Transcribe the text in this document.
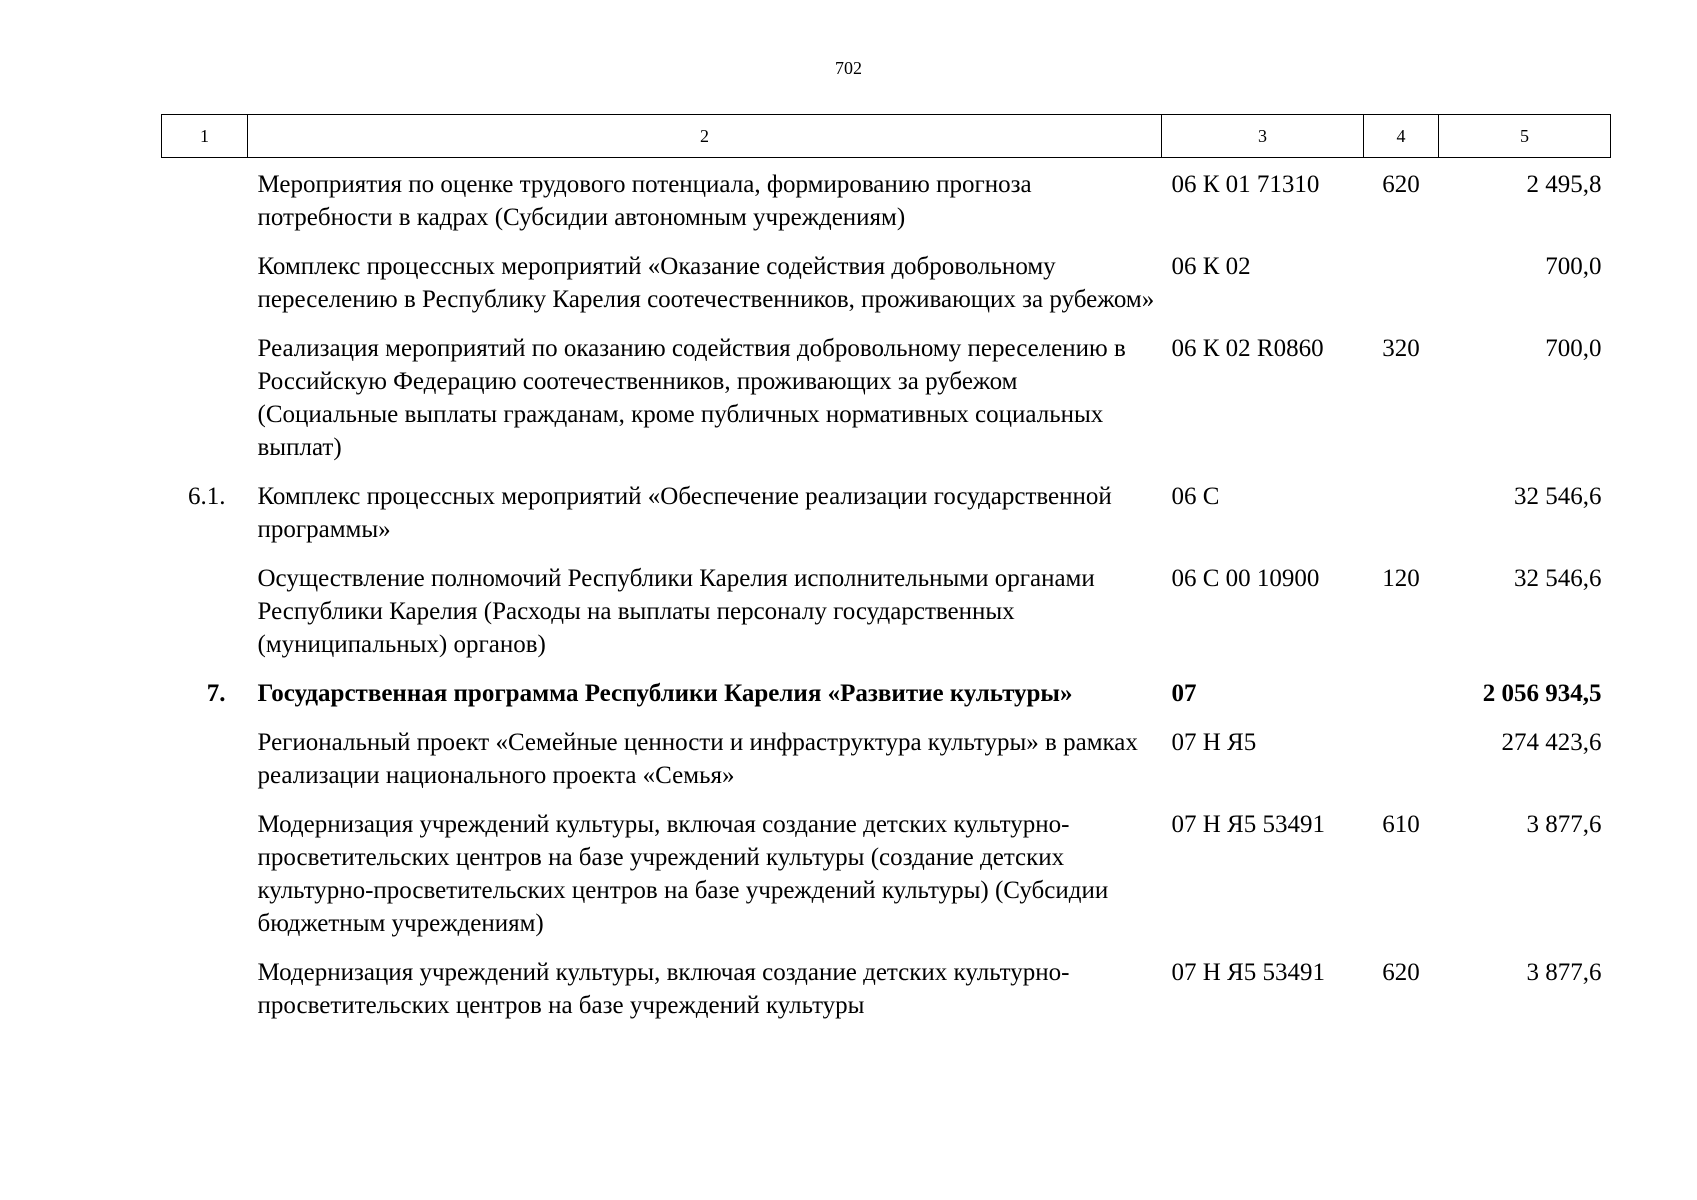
702
1	2	3	4	5
	Мероприятия по оценке трудового потенциала, формированию прогноза потребности в кадрах (Субсидии автономным учреждениям)	06 К 01 71310	620	2 495,8
	Комплекс процессных мероприятий «Оказание содействия добровольному переселению в Республику Карелия соотечественников, проживающих за рубежом»	06 К 02		700,0
	Реализация мероприятий по оказанию содействия добровольному переселению в Российскую Федерацию соотечественников, проживающих за рубежом (Социальные выплаты гражданам, кроме публичных нормативных социальных выплат)	06 К 02 R0860	320	700,0
6.1.	Комплекс процессных мероприятий «Обеспечение реализации государственной программы»	06 С		32 546,6
	Осуществление полномочий Республики Карелия исполнительными органами Республики Карелия (Расходы на выплаты персоналу государственных (муниципальных) органов)	06 С 00 10900	120	32 546,6
7.	Государственная программа Республики Карелия «Развитие культуры»	07		2 056 934,5
	Региональный проект «Семейные ценности и инфраструктура культуры» в рамках реализации национального проекта «Семья»	07 Н Я5		274 423,6
	Модернизация учреждений культуры, включая создание детских культурно-просветительских центров на базе учреждений культуры (создание детских культурно-просветительских центров на базе учреждений культуры) (Субсидии бюджетным учреждениям)	07 Н Я5 53491	610	3 877,6
	Модернизация учреждений культуры, включая создание детских культурно-просветительских центров на базе учреждений культуры	07 Н Я5 53491	620	3 877,6
